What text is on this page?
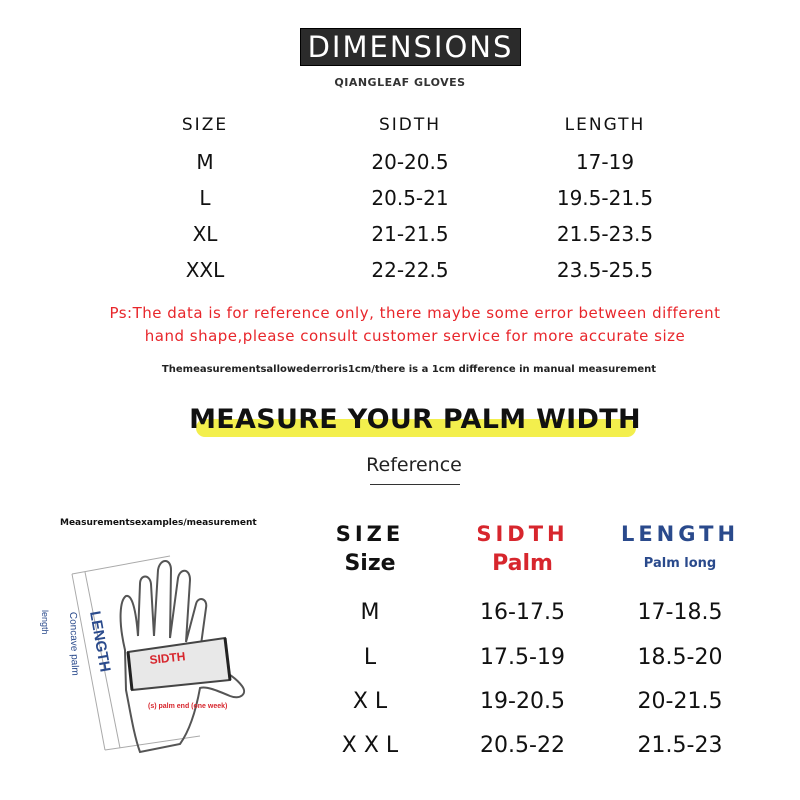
DIMENSIONS
QIANGLEAF GLOVES
SIZE	SIDTH	LENGTH
M	20-20.5	17-19
L	20.5-21	19.5-21.5
XL	21-21.5	21.5-23.5
XXL	22-22.5	23.5-25.5
Ps:The data is for reference only, there maybe some error between different
hand shape,please consult customer service for more accurate size
Themeasurementsallowederroris1cm/there is a 1cm difference in manual measurement
MEASURE YOUR PALM WIDTH
Reference
Measurementsexamples/measurement
SIDTH
(s) palm end (one week)
LENGTH
Concave palm
length
SIZE	SIDTH	LENGTH
Size	Palm	Palm long
M	16-17.5	17-18.5
L	17.5-19	18.5-20
X L	19-20.5	20-21.5
X X L	20.5-22	21.5-23
